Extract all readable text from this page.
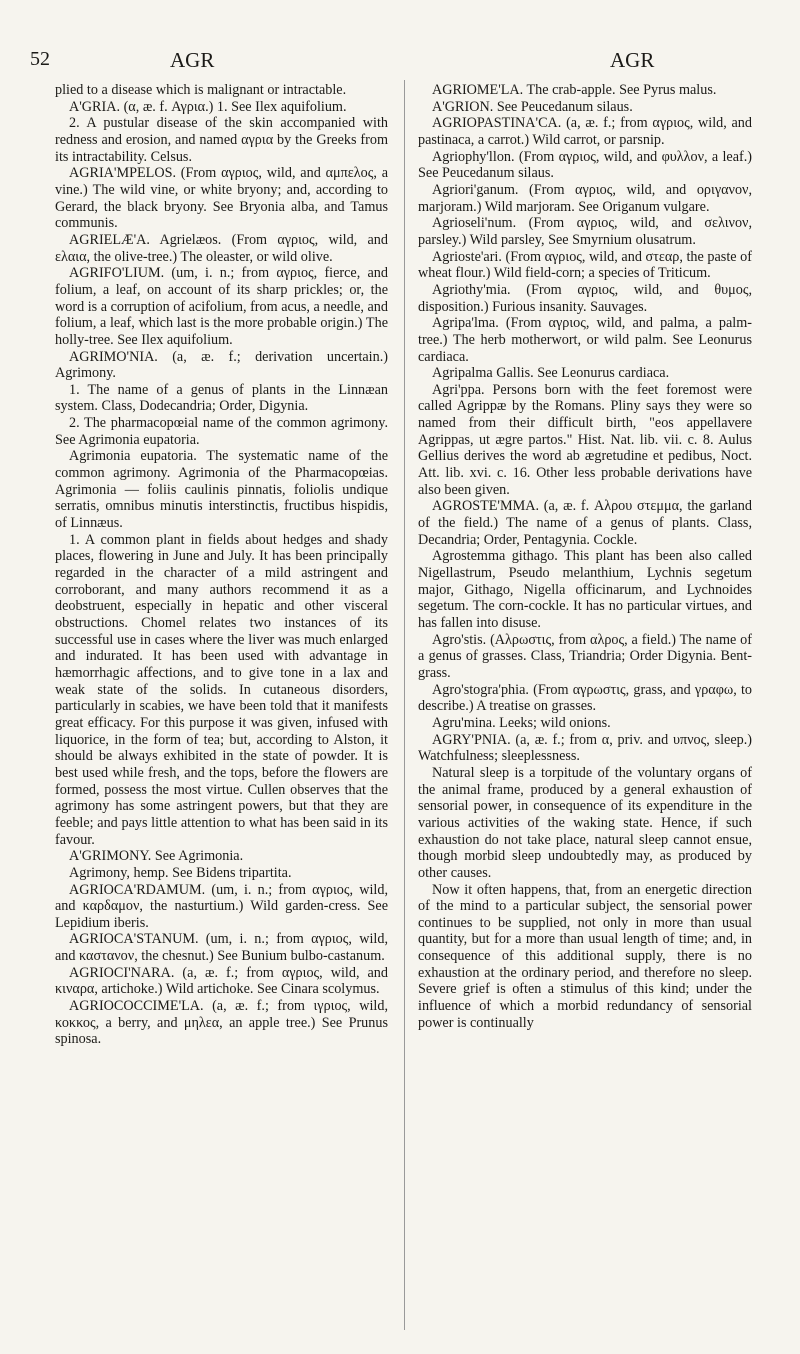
52	AGR	AGR

plied to a disease which is malignant or intractable.

A'GRIA. (α, æ. f. Αγρια.) 1. See Ilex aquifolium.

2. A pustular disease of the skin accompanied with redness and erosion, and named αγρια by the Greeks from its intractability. Celsus.

AGRIA'MPELOS. (From αγριος, wild, and αμπελος, a vine.) The wild vine, or white bryony; and, according to Gerard, the black bryony. See Bryonia alba, and Tamus communis.

AGRIELÆ'A. Agrielæos. (From αγριος, wild, and ελαια, the olive-tree.) The oleaster, or wild olive.

AGRIFO'LIUM. (um, i. n.; from αγριος, fierce, and folium, a leaf, on account of its sharp prickles; or, the word is a corruption of acifolium, from acus, a needle, and folium, a leaf, which last is the more probable origin.) The holly-tree. See Ilex aquifolium.

AGRIMO'NIA. (a, æ. f.; derivation uncertain.) Agrimony.

1. The name of a genus of plants in the Linnæan system. Class, Dodecandria; Order, Digynia.

2. The pharmacopœial name of the common agrimony. See Agrimonia eupatoria.

Agrimonia eupatoria. The systematic name of the common agrimony. Agrimonia of the Pharmacopœias. Agrimonia — foliis caulinis pinnatis, foliolis undique serratis, omnibus minutis interstinctis, fructibus hispidis, of Linnæus.

1. A common plant in fields about hedges and shady places, flowering in June and July. It has been principally regarded in the character of a mild astringent and corroborant, and many authors recommend it as a deobstruent, especially in hepatic and other visceral obstructions. Chomel relates two instances of its successful use in cases where the liver was much enlarged and indurated. It has been used with advantage in hæmorrhagic affections, and to give tone in a lax and weak state of the solids. In cutaneous disorders, particularly in scabies, we have been told that it manifests great efficacy. For this purpose it was given, infused with liquorice, in the form of tea; but, according to Alston, it should be always exhibited in the state of powder. It is best used while fresh, and the tops, before the flowers are formed, possess the most virtue. Cullen observes that the agrimony has some astringent powers, but that they are feeble; and pays little attention to what has been said in its favour.

A'GRIMONY. See Agrimonia.

Agrimony, hemp. See Bidens tripartita.

AGRIOCA'RDAMUM. (um, i. n.; from αγριος, wild, and καρδαμον, the nasturtium.) Wild garden-cress. See Lepidium iberis.

AGRIOCA'STANUM. (um, i. n.; from αγριος, wild, and καστανον, the chesnut.) See Bunium bulbo-castanum.

AGRIOCI'NARA. (a, æ. f.; from αγριος, wild, and κιναρα, artichoke.) Wild artichoke. See Cinara scolymus.

AGRIOCOCCIME'LA. (a, æ. f.; from ιγριος, wild, κοκκος, a berry, and μηλεα, an apple tree.) See Prunus spinosa.

AGRIOME'LA. The crab-apple. See Pyrus malus.

A'GRION. See Peucedanum silaus.

AGRIOPASTINA'CA. (a, æ. f.; from αγριος, wild, and pastinaca, a carrot.) Wild carrot, or parsnip.

Agriophy'llon. (From αγριος, wild, and φυλλον, a leaf.) See Peucedanum silaus.

Agriori'ganum. (From αγριος, wild, and οριγανον, marjoram.) Wild marjoram. See Origanum vulgare.

Agrioseli'num. (From αγριος, wild, and σελινον, parsley.) Wild parsley, See Smyrnium olusatrum.

Agrioste'ari. (From αγριος, wild, and στεαρ, the paste of wheat flour.) Wild field-corn; a species of Triticum.

Agriothy'mia. (From αγριος, wild, and θυμος, disposition.) Furious insanity. Sauvages.

Agripa'lma. (From αγριος, wild, and palma, a palm-tree.) The herb motherwort, or wild palm. See Leonurus cardiaca.

Agripalma Gallis. See Leonurus cardiaca.

Agri'ppa. Persons born with the feet foremost were called Agrippæ by the Romans. Pliny says they were so named from their difficult birth, "eos appellavere Agrippas, ut ægre partos." Hist. Nat. lib. vii. c. 8. Aulus Gellius derives the word ab ægretudine et pedibus, Noct. Att. lib. xvi. c. 16. Other less probable derivations have also been given.

AGROSTE'MMA. (a, æ. f. Αλρου στεμμα, the garland of the field.) The name of a genus of plants. Class, Decandria; Order, Pentagynia. Cockle.

Agrostemma githago. This plant has been also called Nigellastrum, Pseudo melanthium, Lychnis segetum major, Githago, Nigella officinarum, and Lychnoides segetum. The corn-cockle. It has no particular virtues, and has fallen into disuse.

Agro'stis. (Αλρωστις, from αλρος, a field.) The name of a genus of grasses. Class, Triandria; Order Digynia. Bent-grass.

Agro'stogra'phia. (From αγρωστις, grass, and γραφω, to describe.) A treatise on grasses.

Agru'mina. Leeks; wild onions.

AGRY'PNIA. (a, æ. f.; from α, priv. and υπνος, sleep.) Watchfulness; sleeplessness.

Natural sleep is a torpitude of the voluntary organs of the animal frame, produced by a general exhaustion of sensorial power, in consequence of its expenditure in the various activities of the waking state. Hence, if such exhaustion do not take place, natural sleep cannot ensue, though morbid sleep undoubtedly may, as produced by other causes.

Now it often happens, that, from an energetic direction of the mind to a particular subject, the sensorial power continues to be supplied, not only in more than usual quantity, but for a more than usual length of time; and, in consequence of this additional supply, there is no exhaustion at the ordinary period, and therefore no sleep. Severe grief is often a stimulus of this kind; under the influence of which a morbid redundancy of sensorial power is continually
